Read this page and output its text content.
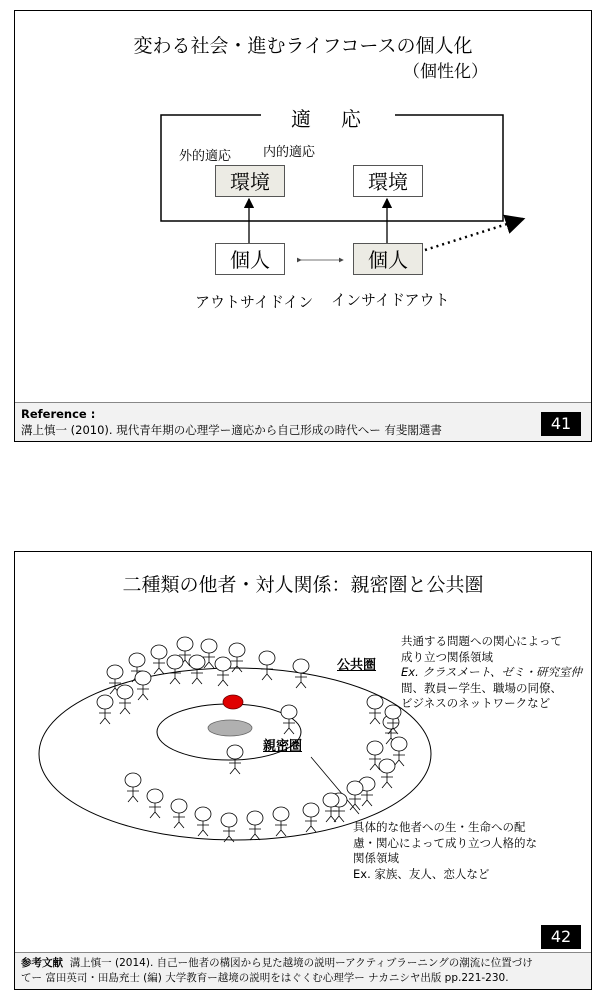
変わる社会・進むライフコースの個人化
（個性化）
適応
外的適応 内的適応
環境	環境
個人	個人
アウトサイドイン インサイドアウト
Reference :
溝上慎一 (2010). 現代青年期の心理学ー適応から自己形成の時代へー 有斐閣選書	41
二種類の他者・対人関係：親密圏と公共圏
公共圏
親密圏
共通する問題への関心によって
成り立つ関係領域
Ex. クラスメート、ゼミ・研究室仲
間、教員ー学生、職場の同僚、
ビジネスのネットワークなど
具体的な他者への生・生命への配
慮・関心によって成り立つ人格的な
関係領域
Ex. 家族、友人、恋人など
42
参考文献 溝上慎一 (2014). 自己ー他者の構図から見た越境の説明ーアクティブラーニングの潮流に位置づけ
てー 富田英司・田島充士 (編) 大学教育ー越境の説明をはぐくむ心理学ー ナカニシヤ出版 pp.221-230.
